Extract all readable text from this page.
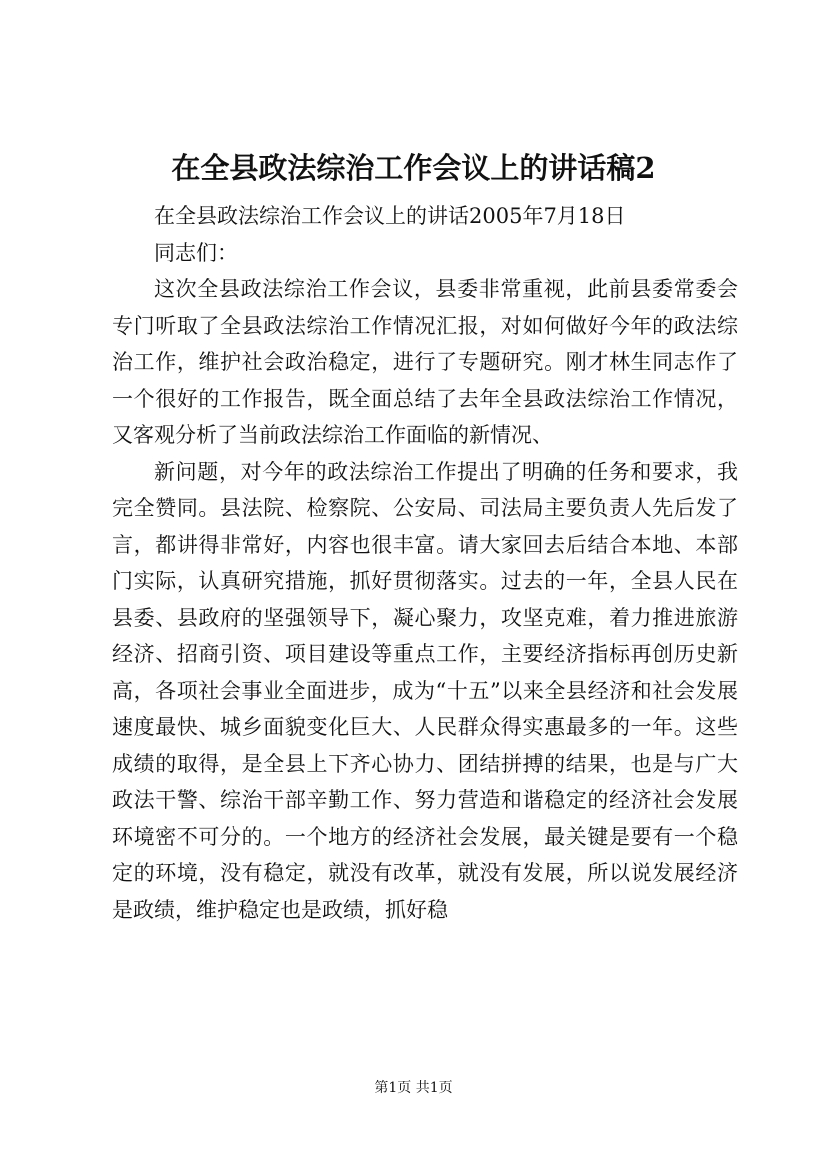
在全县政法综治工作会议上的讲话稿2

在全县政法综治工作会议上的讲话2005年7月18日

同志们：

这次全县政法综治工作会议，县委非常重视，此前县委常委会专门听取了全县政法综治工作情况汇报，对如何做好今年的政法综治工作，维护社会政治稳定，进行了专题研究。刚才林生同志作了一个很好的工作报告，既全面总结了去年全县政法综治工作情况，又客观分析了当前政法综治工作面临的新情况、

新问题，对今年的政法综治工作提出了明确的任务和要求，我完全赞同。县法院、检察院、公安局、司法局主要负责人先后发了言，都讲得非常好，内容也很丰富。请大家回去后结合本地、本部门实际，认真研究措施，抓好贯彻落实。过去的一年，全县人民在县委、县政府的坚强领导下，凝心聚力，攻坚克难，着力推进旅游经济、招商引资、项目建设等重点工作，主要经济指标再创历史新高，各项社会事业全面进步，成为“十五”以来全县经济和社会发展速度最快、城乡面貌变化巨大、人民群众得实惠最多的一年。这些成绩的取得，是全县上下齐心协力、团结拼搏的结果，也是与广大政法干警、综治干部辛勤工作、努力营造和谐稳定的经济社会发展环境密不可分的。一个地方的经济社会发展，最关键是要有一个稳定的环境，没有稳定，就没有改革，就没有发展，所以说发展经济是政绩，维护稳定也是政绩，抓好稳

第1页 共1页
